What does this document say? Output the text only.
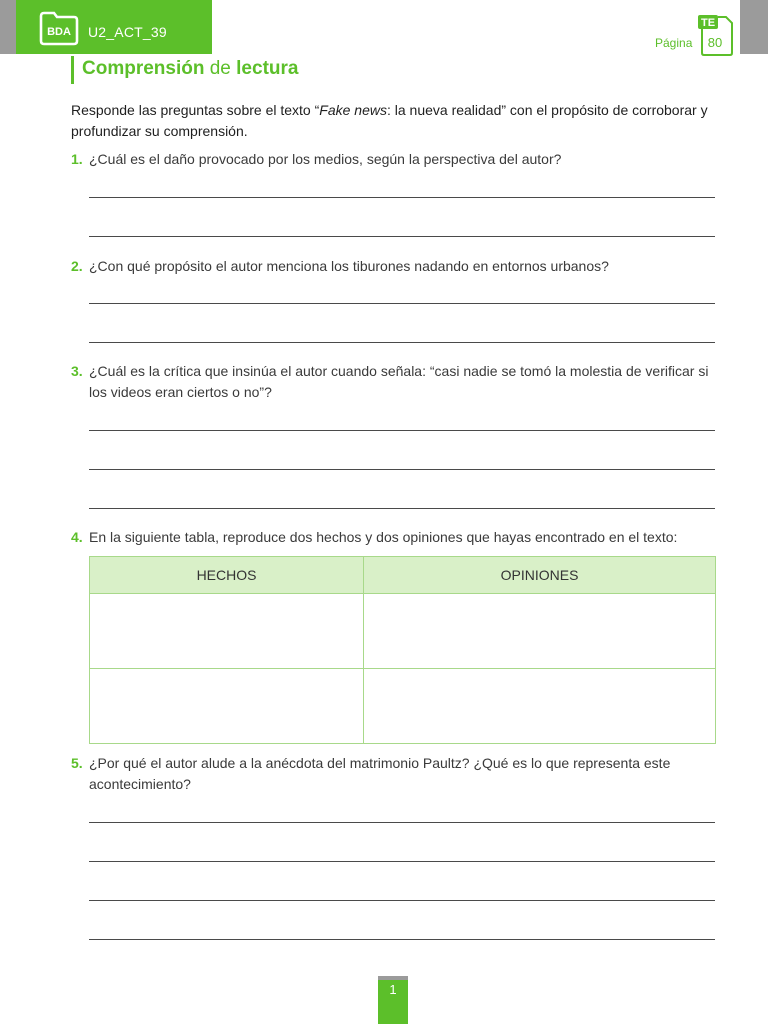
BDA U2_ACT_39
Página
TE
80
Comprensión de lectura
Responde las preguntas sobre el texto “Fake news: la nueva realidad” con el propósito de corroborar y profundizar su comprensión.
1. ¿Cuál es el daño provocado por los medios, según la perspectiva del autor?
2. ¿Con qué propósito el autor menciona los tiburones nadando en entornos urbanos?
3. ¿Cuál es la crítica que insinúa el autor cuando señala: “casi nadie se tomó la molestia de verificar si los videos eran ciertos o no”?
4. En la siguiente tabla, reproduce dos hechos y dos opiniones que hayas encontrado en el texto:
HECHOS	OPINIONES

5. ¿Por qué el autor alude a la anécdota del matrimonio Paultz? ¿Qué es lo que representa este acontecimiento?
1
